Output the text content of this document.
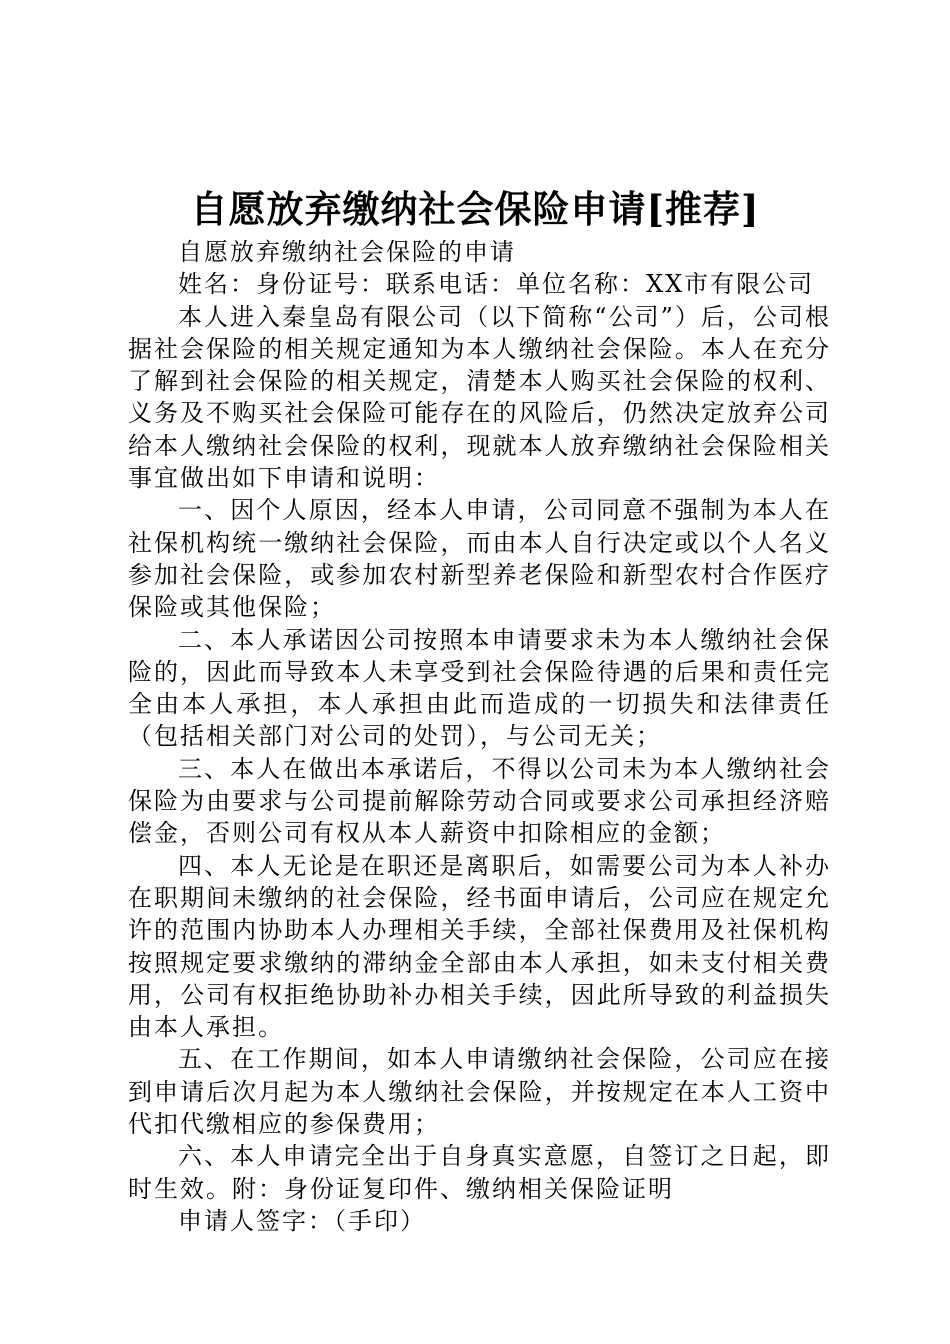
自愿放弃缴纳社会保险申请[推荐]

自愿放弃缴纳社会保险的申请

姓名：身份证号：联系电话：单位名称：XX市有限公司

本人进入秦皇岛有限公司（以下简称“公司”）后，公司根据社会保险的相关规定通知为本人缴纳社会保险。本人在充分了解到社会保险的相关规定，清楚本人购买社会保险的权利、义务及不购买社会保险可能存在的风险后，仍然决定放弃公司给本人缴纳社会保险的权利，现就本人放弃缴纳社会保险相关事宜做出如下申请和说明：

一、因个人原因，经本人申请，公司同意不强制为本人在社保机构统一缴纳社会保险，而由本人自行决定或以个人名义参加社会保险，或参加农村新型养老保险和新型农村合作医疗保险或其他保险；

二、本人承诺因公司按照本申请要求未为本人缴纳社会保险的，因此而导致本人未享受到社会保险待遇的后果和责任完全由本人承担，本人承担由此而造成的一切损失和法律责任（包括相关部门对公司的处罚），与公司无关；

三、本人在做出本承诺后，不得以公司未为本人缴纳社会保险为由要求与公司提前解除劳动合同或要求公司承担经济赔偿金，否则公司有权从本人薪资中扣除相应的金额；

四、本人无论是在职还是离职后，如需要公司为本人补办在职期间未缴纳的社会保险，经书面申请后，公司应在规定允许的范围内协助本人办理相关手续，全部社保费用及社保机构按照规定要求缴纳的滞纳金全部由本人承担，如未支付相关费用，公司有权拒绝协助补办相关手续，因此所导致的利益损失由本人承担。

五、在工作期间，如本人申请缴纳社会保险，公司应在接到申请后次月起为本人缴纳社会保险，并按规定在本人工资中代扣代缴相应的参保费用；

六、本人申请完全出于自身真实意愿，自签订之日起，即时生效。附：身份证复印件、缴纳相关保险证明

申请人签字：（手印）
